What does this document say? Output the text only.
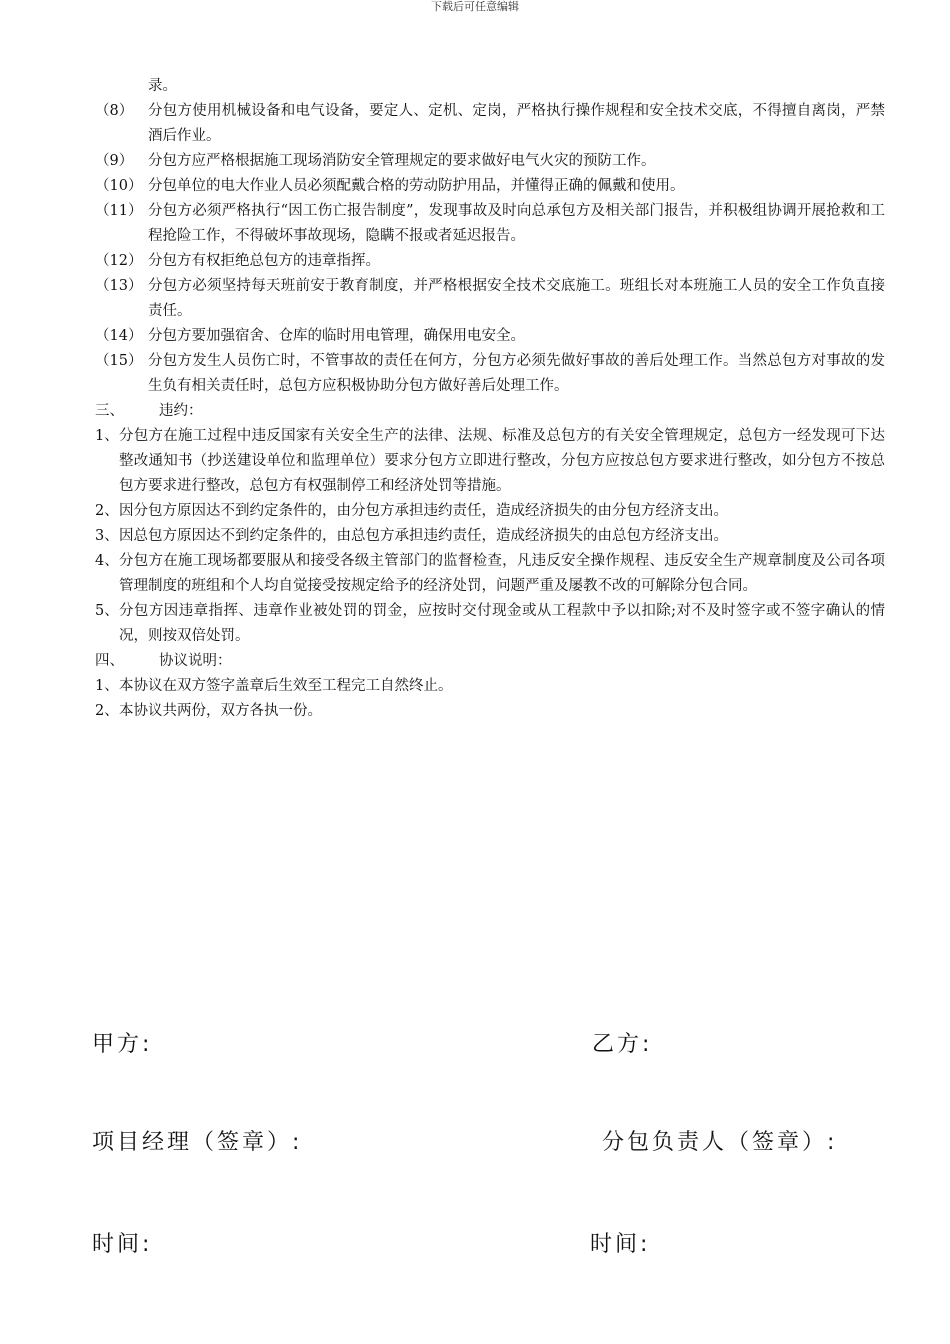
下载后可任意编辑
录。
（8） 分包方使用机械设备和电气设备，要定人、定机、定岗，严格执行操作规程和安全技术交底，不得擅自离岗，严禁酒后作业。
（9） 分包方应严格根据施工现场消防安全管理规定的要求做好电气火灾的预防工作。
（10） 分包单位的电大作业人员必须配戴合格的劳动防护用品，并懂得正确的佩戴和使用。
（11） 分包方必须严格执行“因工伤亡报告制度”，发现事故及时向总承包方及相关部门报告，并积极组协调开展抢救和工程抢险工作，不得破坏事故现场，隐瞒不报或者延迟报告。
（12） 分包方有权拒绝总包方的违章指挥。
（13） 分包方必须坚持每天班前安于教育制度，并严格根据安全技术交底施工。班组长对本班施工人员的安全工作负直接责任。
（14） 分包方要加强宿舍、仓库的临时用电管理，确保用电安全。
（15） 分包方发生人员伤亡时，不管事故的责任在何方，分包方必须先做好事故的善后处理工作。当然总包方对事故的发生负有相关责任时，总包方应积极协助分包方做好善后处理工作。
三、 违约：
1、 分包方在施工过程中违反国家有关安全生产的法律、法规、标准及总包方的有关安全管理规定，总包方一经发现可下达整改通知书（抄送建设单位和监理单位）要求分包方立即进行整改，分包方应按总包方要求进行整改，如分包方不按总包方要求进行整改，总包方有权强制停工和经济处罚等措施。
2、 因分包方原因达不到约定条件的，由分包方承担违约责任，造成经济损失的由分包方经济支出。
3、 因总包方原因达不到约定条件的，由总包方承担违约责任，造成经济损失的由总包方经济支出。
4、 分包方在施工现场都要服从和接受各级主管部门的监督检查，凡违反安全操作规程、违反安全生产规章制度及公司各项管理制度的班组和个人均自觉接受按规定给予的经济处罚，问题严重及屡教不改的可解除分包合同。
5、 分包方因违章指挥、违章作业被处罚的罚金，应按时交付现金或从工程款中予以扣除;对不及时签字或不签字确认的情况，则按双倍处罚。
四、 协议说明：
1、 本协议在双方签字盖章后生效至工程完工自然终止。
2、 本协议共两份，双方各执一份。
甲方:	乙方:
项目经理（签章）:	分包负责人（签章）:
时间:	时间:
